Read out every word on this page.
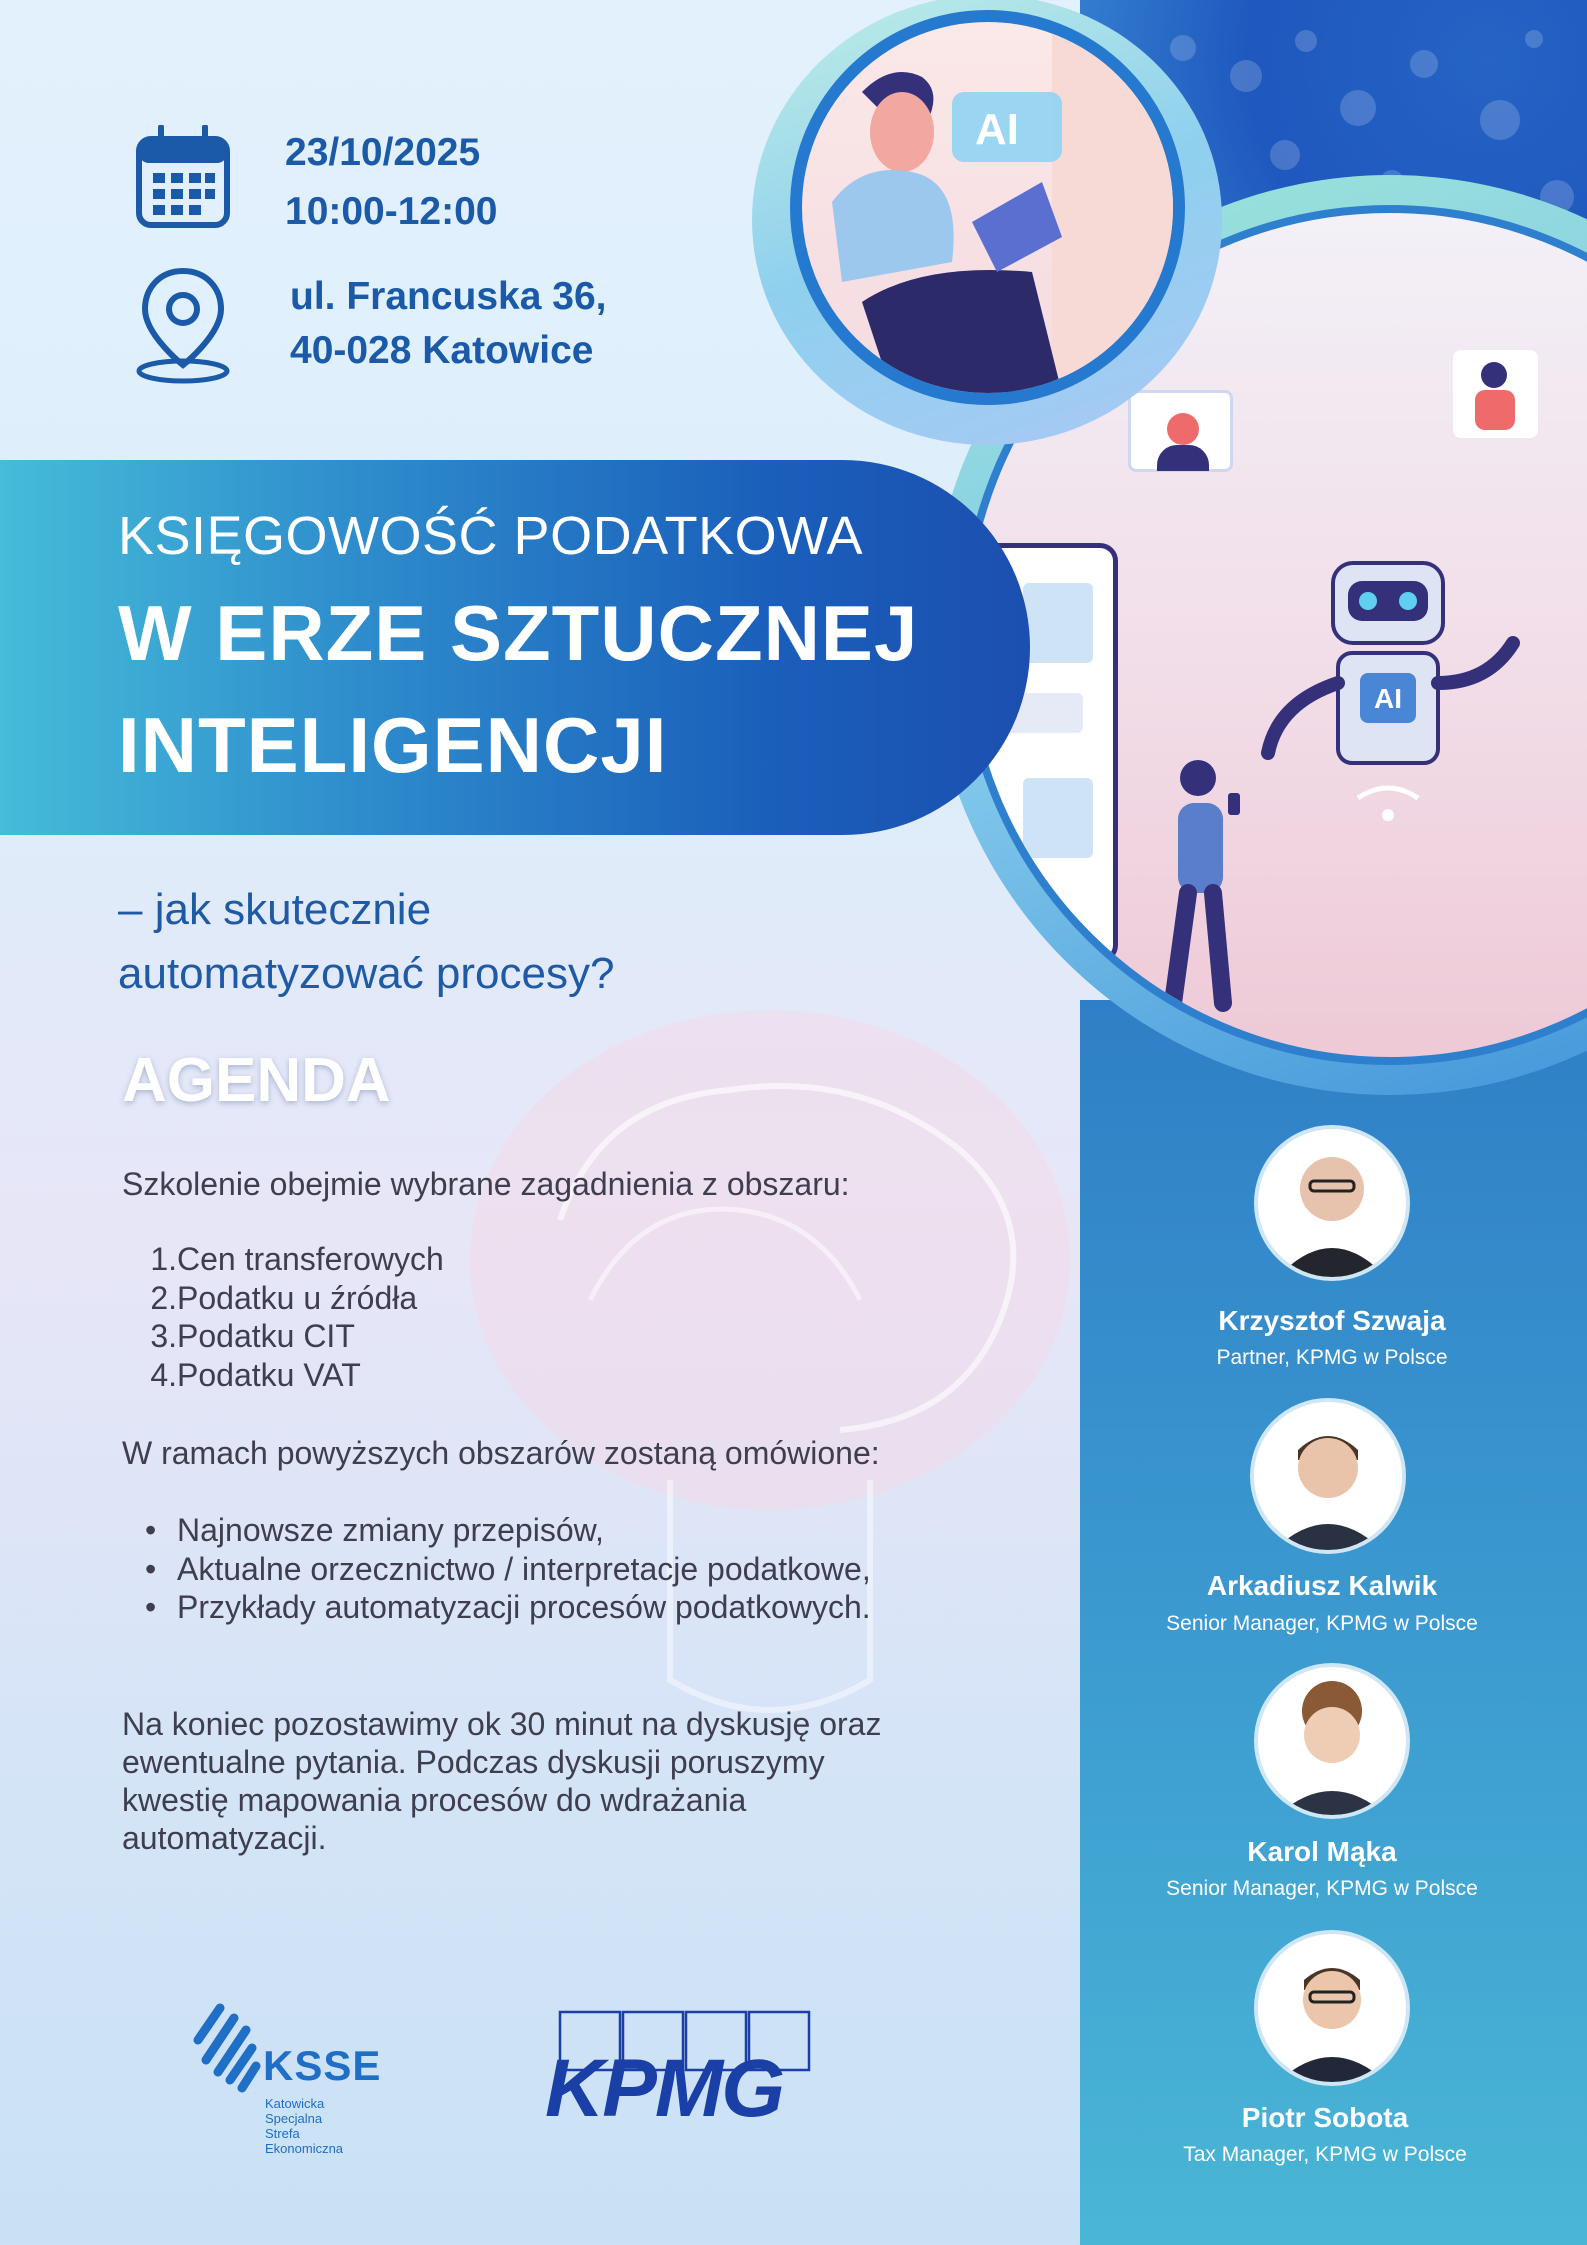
AI
AI
23/10/2025
10:00-12:00
ul. Francuska 36,
40-028 Katowice
KSIĘGOWOŚĆ PODATKOWA
W ERZE SZTUCZNEJ
INTELIGENCJI
– jak skutecznie
automatyzować procesy?
AGENDA
Szkolenie obejmie wybrane zagadnienia z obszaru:
1.Cen transferowych
2.Podatku u źródła
3.Podatku CIT
4.Podatku VAT
W ramach powyższych obszarów zostaną omówione:
• Najnowsze zmiany przepisów,
• Aktualne orzecznictwo / interpretacje podatkowe,
• Przykłady automatyzacji procesów podatkowych.
Na koniec pozostawimy ok 30 minut na dyskusję oraz
ewentualne pytania. Podczas dyskusji poruszymy
kwestię mapowania procesów do wdrażania
automatyzacji.
Krzysztof Szwaja
Partner, KPMG w Polsce
Arkadiusz Kalwik
Senior Manager, KPMG w Polsce
Karol Mąka
Senior Manager, KPMG w Polsce
Piotr Sobota
Tax Manager, KPMG w Polsce
KSSE
Katowicka
Specjalna Strefa
Ekonomiczna
KPMG
